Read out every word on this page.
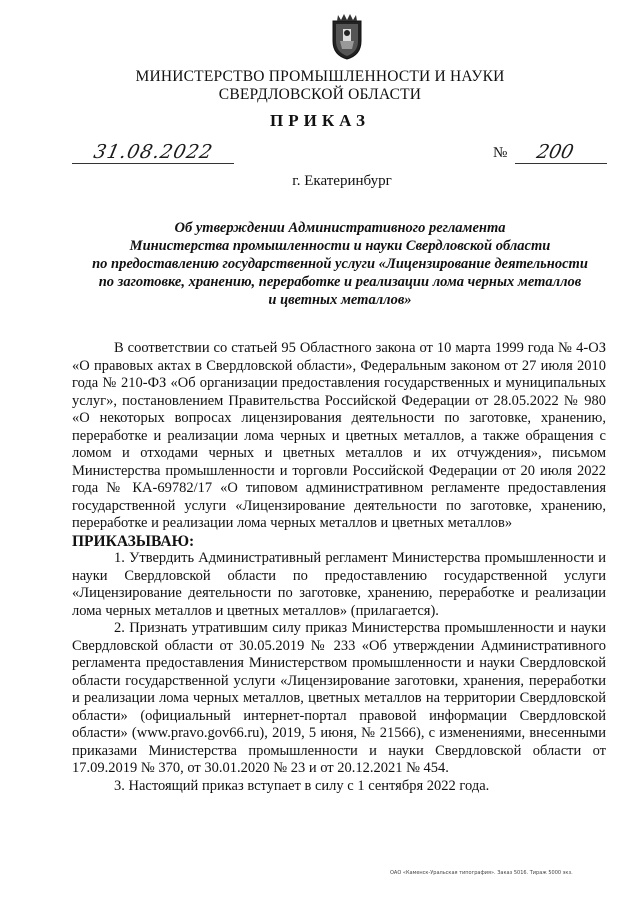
МИНИСТЕРСТВО ПРОМЫШЛЕННОСТИ И НАУКИ
СВЕРДЛОВСКОЙ ОБЛАСТИ
ПРИКАЗ
31.08.2022	№ 200
г. Екатеринбург
Об утверждении Административного регламента
Министерства промышленности и науки Свердловской области
по предоставлению государственной услуги «Лицензирование деятельности
по заготовке, хранению, переработке и реализации лома черных металлов
и цветных металлов»

В соответствии со статьей 95 Областного закона от 10 марта 1999 года № 4-ОЗ «О правовых актах в Свердловской области», Федеральным законом от 27 июля 2010 года № 210-ФЗ «Об организации предоставления государственных и муниципальных услуг», постановлением Правительства Российской Федерации от 28.05.2022 № 980 «О некоторых вопросах лицензирования деятельности по заготовке, хранению, переработке и реализации лома черных и цветных металлов, а также обращения с ломом и отходами черных и цветных металлов и их отчуждения», письмом Министерства промышленности и торговли Российской Федерации от 20 июля 2022 года № КА-69782/17 «О типовом административном регламенте предоставления государственной услуги «Лицензирование деятельности по заготовке, хранению, переработке и реализации лома черных металлов и цветных металлов»

ПРИКАЗЫВАЮ:

1. Утвердить Административный регламент Министерства промышленности и науки Свердловской области по предоставлению государственной услуги «Лицензирование деятельности по заготовке, хранению, переработке и реализации лома черных металлов и цветных металлов» (прилагается).

2. Признать утратившим силу приказ Министерства промышленности и науки Свердловской области от 30.05.2019 № 233 «Об утверждении Административного регламента предоставления Министерством промышленности и науки Свердловской области государственной услуги «Лицензирование заготовки, хранения, переработки и реализации лома черных металлов, цветных металлов на территории Свердловской области» (официальный интернет-портал правовой информации Свердловской области» (www.pravo.gov66.ru), 2019, 5 июня, № 21566), с изменениями, внесенными приказами Министерства промышленности и науки Свердловской области от 17.09.2019 № 370, от 30.01.2020 № 23 и от 20.12.2021 № 454.

3. Настоящий приказ вступает в силу с 1 сентября 2022 года.

ОАО «Каменск-Уральская типография». Заказ 5016. Тираж 5000 экз.
